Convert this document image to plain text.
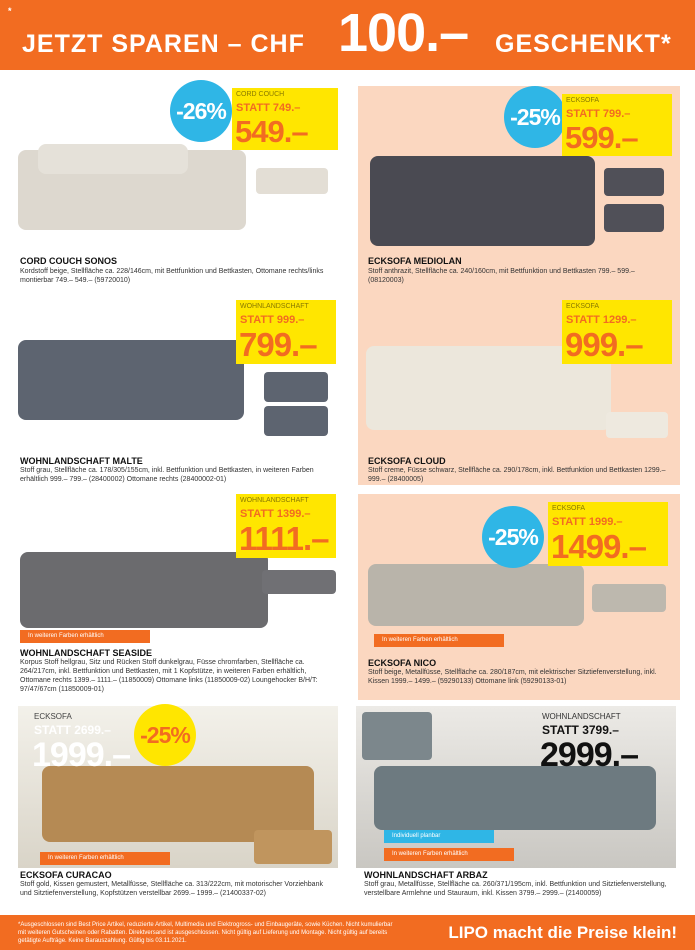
*
JETZT SPAREN – CHF 100.– GESCHENKT*
-26%
CORD COUCH
STATT 749.–
549.–
CORD COUCH SONOS
Kordstoff beige, Stellfläche ca. 228/146cm, mit Bettfunktion und Bettkasten, Ottomane rechts/links montierbar 749.– 549.– (59720010)
-25%
ECKSOFA
STATT 799.–
599.–
ECKSOFA MEDIOLAN
Stoff anthrazit, Stellfläche ca. 240/160cm, mit Bettfunktion und Bettkasten 799.– 599.– (08120003)
WOHNLANDSCHAFT
STATT 999.–
799.–
WOHNLANDSCHAFT MALTE
Stoff grau, Stellfläche ca. 178/305/155cm, inkl. Bettfunktion und Bettkasten, in weiteren Farben erhältlich 999.– 799.– (28400002) Ottomane rechts (28400002-01)
ECKSOFA
STATT 1299.–
999.–
ECKSOFA CLOUD
Stoff creme, Füsse schwarz, Stellfläche ca. 290/178cm, inkl. Bettfunktion und Bettkasten 1299.– 999.– (28400005)
WOHNLANDSCHAFT
STATT 1399.–
1111.–
In weiteren Farben erhältlich
WOHNLANDSCHAFT SEASIDE
Korpus Stoff hellgrau, Sitz und Rücken Stoff dunkelgrau, Füsse chromfarben, Stellfläche ca. 264/217cm, inkl. Bettfunktion und Bettkasten, mit 1 Kopfstütze, in weiteren Farben erhältlich, Ottomane rechts 1399.– 1111.– (11850009) Ottomane links (11850009-02) Loungehocker B/H/T: 97/47/67cm (11850009-01)
-25%
ECKSOFA
STATT 1999.–
1499.–
In weiteren Farben erhältlich
ECKSOFA NICO
Stoff beige, Metallfüsse, Stellfläche ca. 280/187cm, mit elektrischer Sitztiefenverstellung, inkl. Kissen 1999.– 1499.– (59290133) Ottomane link (59290133-01)
ECKSOFA
STATT 2699.–
1999.–
-25%
In weiteren Farben erhältlich
ECKSOFA CURACAO
Stoff gold, Kissen gemustert, Metallfüsse, Stellfläche ca. 313/222cm, mit motorischer Vorziehbank und Sitztiefenverstellung, Kopfstützen verstellbar 2699.– 1999.– (21400337-02)
WOHNLANDSCHAFT
STATT 3799.–
2999.–
Individuell planbar
In weiteren Farben erhältlich
WOHNLANDSCHAFT ARBAZ
Stoff grau, Metallfüsse, Stellfläche ca. 260/371/195cm, inkl. Bettfunktion und Sitztiefenverstellung, verstellbare Armlehne und Stauraum, inkl. Kissen 3799.– 2999.– (21400059)
*Ausgeschlossen sind Best Price Artikel, reduzierte Artikel, Multimedia und Elektrogross- und Einbaugeräte, sowie Küchen. Nicht kumulierbar mit weiteren Gutscheinen oder Rabatten. Direktversand ist ausgeschlossen. Nicht gültig auf Lieferung und Montage. Nicht gültig auf bereits getätigte Aufträge. Keine Barauszahlung. Gültig bis 03.11.2021.	LIPO macht die Preise klein!
